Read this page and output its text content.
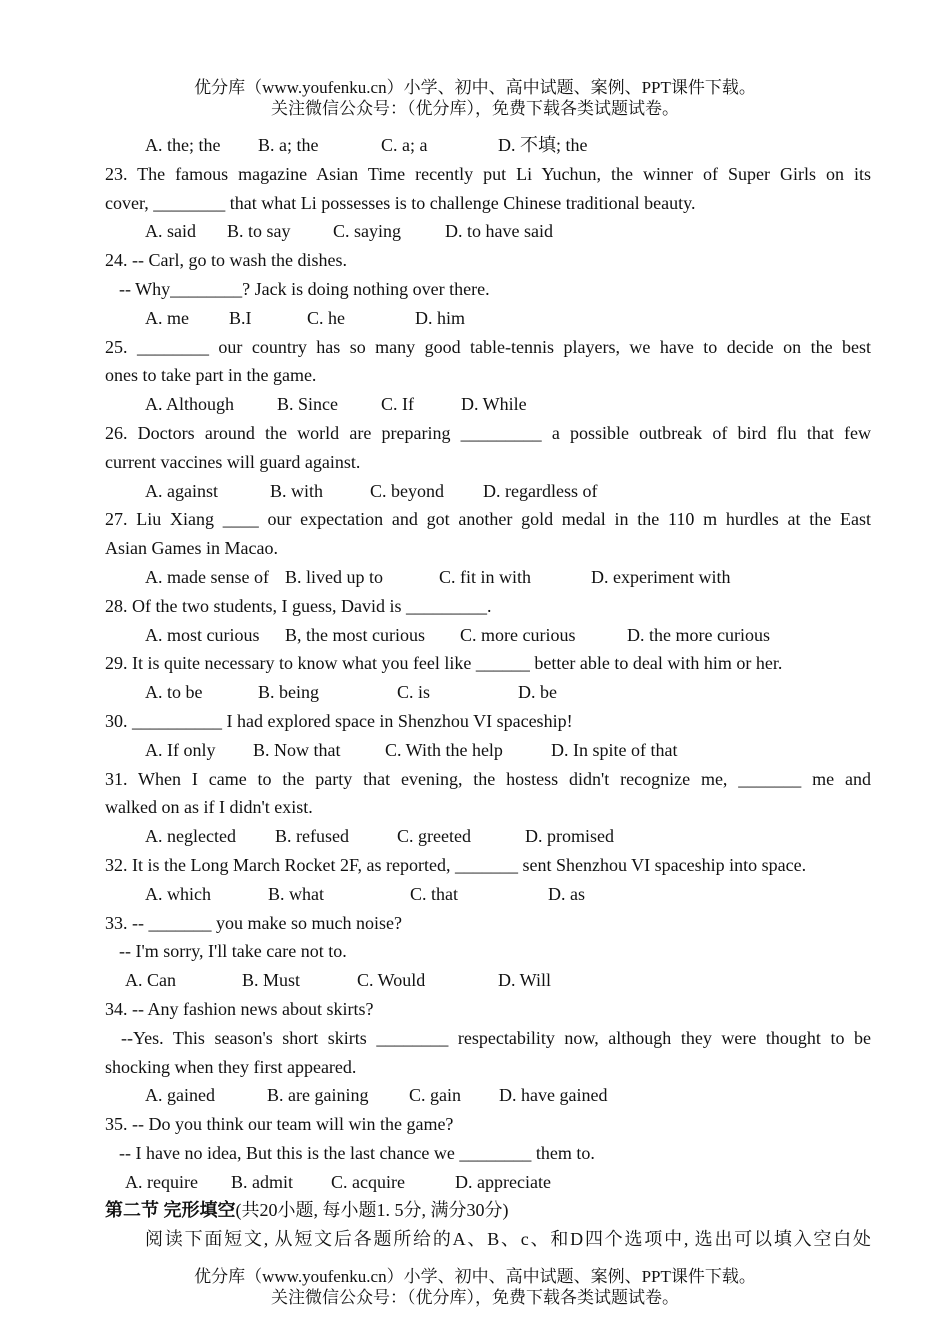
优分库（www.youfenku.cn）小学、初中、高中试题、案例、PPT课件下载。
关注微信公众号：（优分库），免费下载各类试题试卷。
A. the; the B. a; the	C. a; a	D. 不填; the
23. The famous magazine Asian Time recently put Li Yuchun, the winner of Super Girls on its
cover, ________ that what Li possesses is to challenge Chinese traditional beauty.
A. said B. to say C. saying D. to have said
24. -- Carl, go to wash the dishes.
-- Why________? Jack is doing nothing over there.
A. me B.I	C. he	D. him
25. ________ our country has so many good table-tennis players, we have to decide on the best
ones to take part in the game.
A. Although B. Since C. If	D. While
26. Doctors around the world are preparing _________ a possible outbreak of bird flu that few
current vaccines will guard against.
A. against	B. with	C. beyond D. regardless of
27. Liu Xiang ____ our expectation and got another gold medal in the 110 m hurdles at the East
Asian Games in Macao.
A. made sense of B. lived up to	C. fit in with	D. experiment with
28. Of the two students, I guess, David is _________.
A. most curious B, the most curious C. more curious	D. the more curious
29. It is quite necessary to know what you feel like ______ better able to deal with him or her.
A. to be	B. being	C. is	D. be
30. __________ I had explored space in Shenzhou VI spaceship!
A. If only B. Now that C. With the help	D. In spite of that
31. When I came to the party that evening, the hostess didn't recognize me, _______ me and
walked on as if I didn't exist.
A. neglected B. refused	C. greeted	D. promised
32. It is the Long March Rocket 2F, as reported, _______ sent Shenzhou VI spaceship into space.
A. which	B. what	C. that	D. as
33. -- _______ you make so much noise?
-- I'm sorry, I'll take care not to.
A. Can	B. Must	C. Would	D. Will
34. -- Any fashion news about skirts?
--Yes. This season's short skirts ________ respectability now, although they were thought to be
shocking when they first appeared.
A. gained	B. are gaining C. gain D. have gained
35. -- Do you think our team will win the game?
-- I have no idea, But this is the last chance we ________ them to.
A. require B. admit C. acquire	D. appreciate
第二节 完形填空(共20小题, 每小题1. 5分, 满分30分)
阅读下面短文, 从短文后各题所给的A、B、c、和D四个选项中, 选出可以填入空白处
优分库（www.youfenku.cn）小学、初中、高中试题、案例、PPT课件下载。
关注微信公众号：（优分库），免费下载各类试题试卷。
